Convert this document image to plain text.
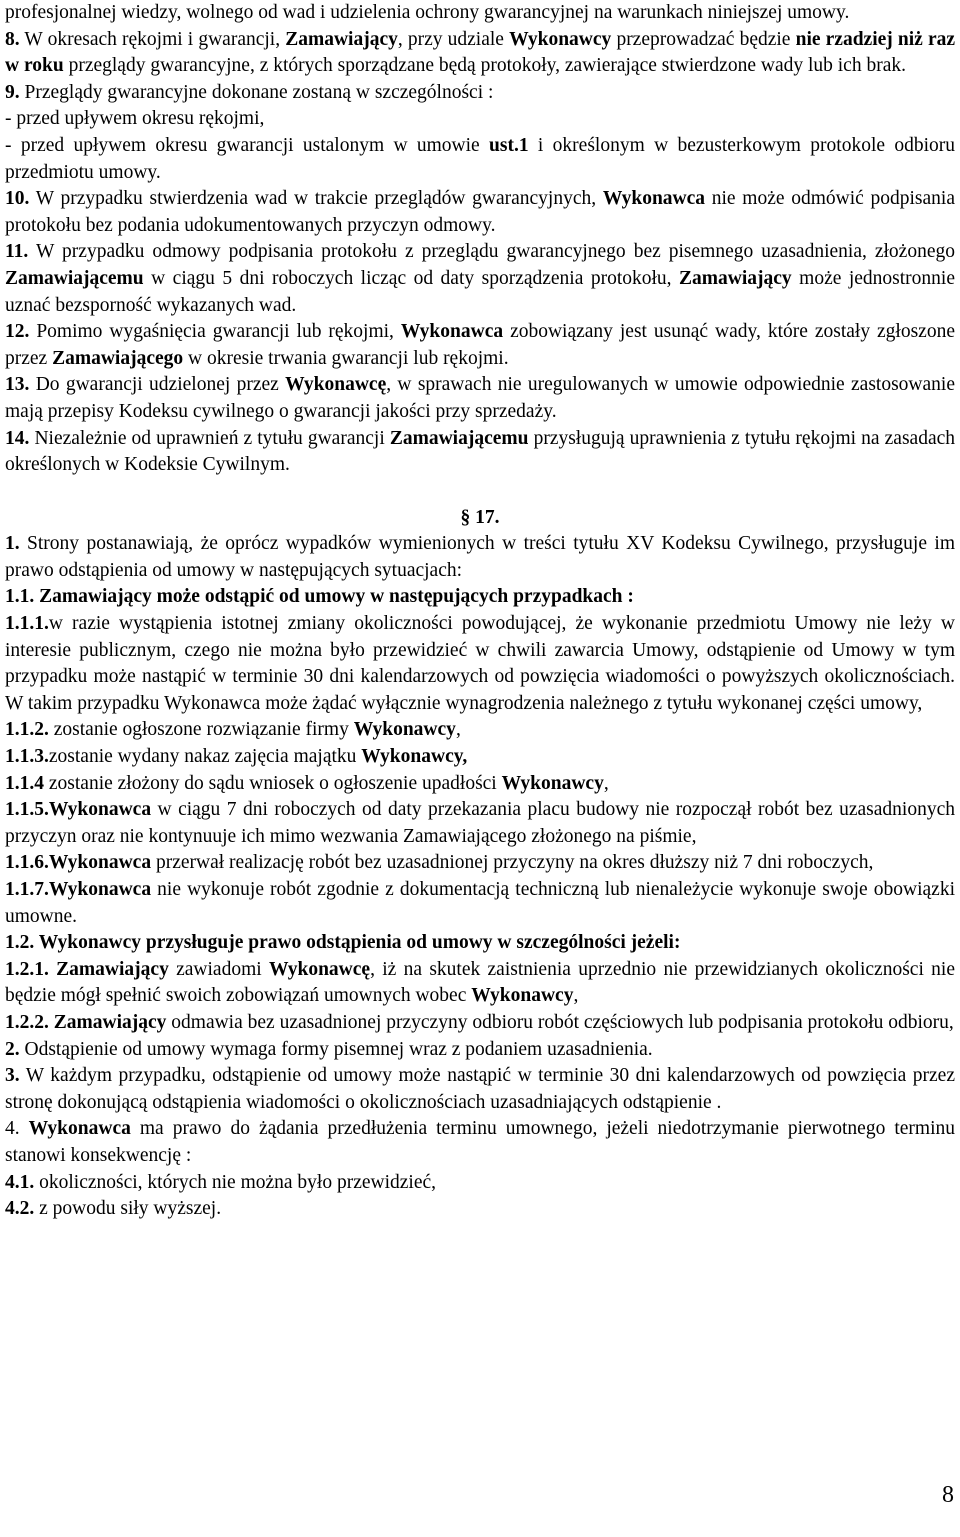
profesjonalnej wiedzy, wolnego od wad i udzielenia ochrony gwarancyjnej na warunkach niniejszej umowy.

8. W okresach rękojmi i gwarancji, Zamawiający, przy udziale Wykonawcy przeprowadzać będzie nie rzadziej niż raz w roku przeglądy gwarancyjne, z których sporządzane będą protokoły, zawierające stwierdzone wady lub ich brak.

9. Przeglądy gwarancyjne dokonane zostaną w szczególności :

- przed upływem okresu rękojmi,

- przed upływem okresu gwarancji ustalonym w umowie ust.1 i określonym w bezusterkowym protokole odbioru przedmiotu umowy.

10. W przypadku stwierdzenia wad w trakcie przeglądów gwarancyjnych, Wykonawca nie może odmówić podpisania protokołu bez podania udokumentowanych przyczyn odmowy.

11. W przypadku odmowy podpisania protokołu z przeglądu gwarancyjnego bez pisemnego uzasadnienia, złożonego Zamawiającemu w ciągu 5 dni roboczych licząc od daty sporządzenia protokołu, Zamawiający może jednostronnie uznać bezsporność wykazanych wad.

12. Pomimo wygaśnięcia gwarancji lub rękojmi, Wykonawca zobowiązany jest usunąć wady, które zostały zgłoszone przez Zamawiającego w okresie trwania gwarancji lub rękojmi.

13. Do gwarancji udzielonej przez Wykonawcę, w sprawach nie uregulowanych w umowie odpowiednie zastosowanie mają przepisy Kodeksu cywilnego o gwarancji jakości przy sprzedaży.

14. Niezależnie od uprawnień z tytułu gwarancji Zamawiającemu przysługują uprawnienia z tytułu rękojmi na zasadach określonych w Kodeksie Cywilnym.

§ 17.

1. Strony postanawiają, że oprócz wypadków wymienionych w treści tytułu XV Kodeksu Cywilnego, przysługuje im prawo odstąpienia od umowy w następujących sytuacjach:

1.1. Zamawiający może odstąpić od umowy w następujących przypadkach :

1.1.1.w razie wystąpienia istotnej zmiany okoliczności powodującej, że wykonanie przedmiotu Umowy nie leży w interesie publicznym, czego nie można było przewidzieć w chwili zawarcia Umowy, odstąpienie od Umowy w tym przypadku może nastąpić w terminie 30 dni kalendarzowych od powzięcia wiadomości o powyższych okolicznościach. W takim przypadku Wykonawca może żądać wyłącznie wynagrodzenia należnego z tytułu wykonanej części umowy,

1.1.2. zostanie ogłoszone rozwiązanie firmy Wykonawcy,

1.1.3.zostanie wydany nakaz zajęcia majątku Wykonawcy,

1.1.4 zostanie złożony do sądu wniosek o ogłoszenie upadłości Wykonawcy,

1.1.5.Wykonawca w ciągu 7 dni roboczych od daty przekazania placu budowy nie rozpoczął robót bez uzasadnionych przyczyn oraz nie kontynuuje ich mimo wezwania Zamawiającego złożonego na piśmie,

1.1.6.Wykonawca przerwał realizację robót bez uzasadnionej przyczyny na okres dłuższy niż 7 dni roboczych,

1.1.7.Wykonawca nie wykonuje robót zgodnie z dokumentacją techniczną lub nienależycie wykonuje swoje obowiązki umowne.

1.2. Wykonawcy przysługuje prawo odstąpienia od umowy w szczególności jeżeli:

1.2.1. Zamawiający zawiadomi Wykonawcę, iż na skutek zaistnienia uprzednio nie przewidzianych okoliczności nie będzie mógł spełnić swoich zobowiązań umownych wobec Wykonawcy,

1.2.2. Zamawiający odmawia bez uzasadnionej przyczyny odbioru robót częściowych lub podpisania protokołu odbioru,

2. Odstąpienie od umowy wymaga formy pisemnej wraz z podaniem uzasadnienia.

3. W każdym przypadku, odstąpienie od umowy może nastąpić w terminie 30 dni kalendarzowych od powzięcia przez stronę dokonującą odstąpienia wiadomości o okolicznościach uzasadniających odstąpienie .

4. Wykonawca ma prawo do żądania przedłużenia terminu umownego, jeżeli niedotrzymanie pierwotnego terminu stanowi konsekwencję :

4.1. okoliczności, których nie można było przewidzieć,

4.2. z powodu siły wyższej.

8
